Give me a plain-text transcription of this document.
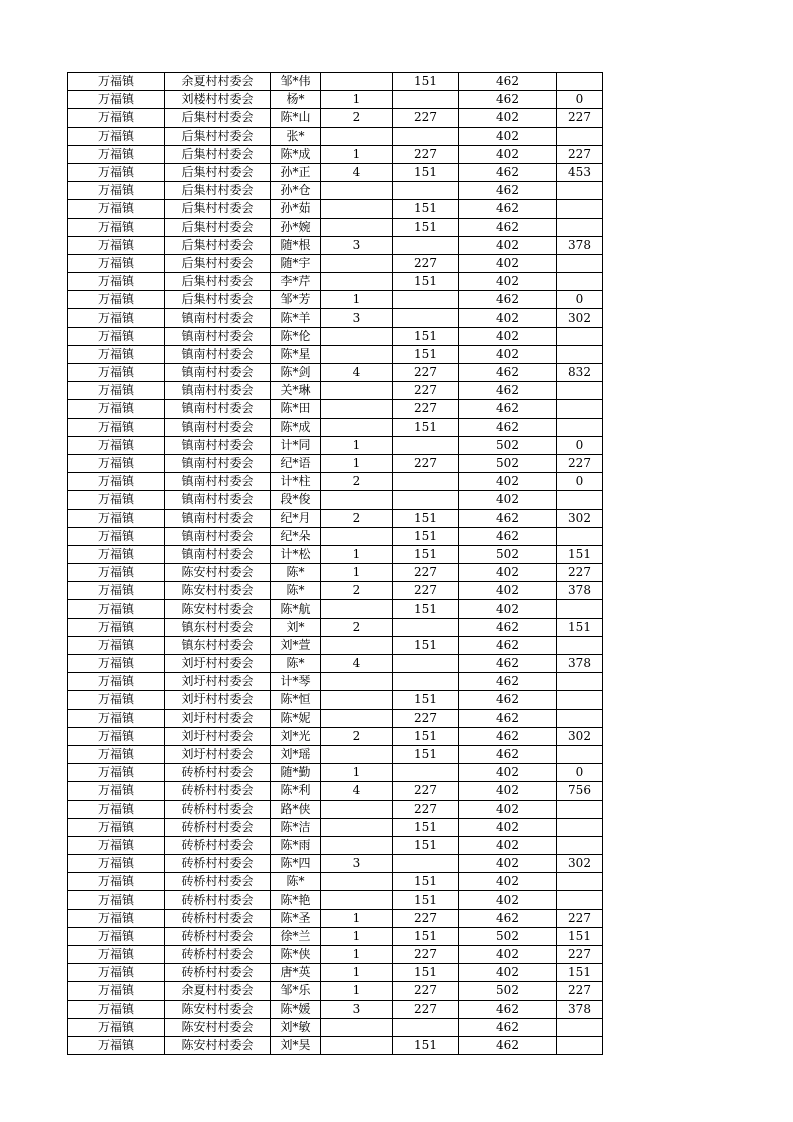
万福镇	余夏村村委会	邹*伟		151	462	
万福镇	刘楼村村委会	杨*	1		462	0
万福镇	后集村村委会	陈*山	2	227	402	227
万福镇	后集村村委会	张*			402	
万福镇	后集村村委会	陈*成	1	227	402	227
万福镇	后集村村委会	孙*正	4	151	462	453
万福镇	后集村村委会	孙*仓			462	
万福镇	后集村村委会	孙*茹		151	462	
万福镇	后集村村委会	孙*婉		151	462	
万福镇	后集村村委会	随*根	3		402	378
万福镇	后集村村委会	随*宇		227	402	
万福镇	后集村村委会	李*芹		151	402	
万福镇	后集村村委会	邹*芳	1		462	0
万福镇	镇南村村委会	陈*羊	3		402	302
万福镇	镇南村村委会	陈*伦		151	402	
万福镇	镇南村村委会	陈*星		151	402	
万福镇	镇南村村委会	陈*剑	4	227	462	832
万福镇	镇南村村委会	关*琳		227	462	
万福镇	镇南村村委会	陈*田		227	462	
万福镇	镇南村村委会	陈*成		151	462	
万福镇	镇南村村委会	计*同	1		502	0
万福镇	镇南村村委会	纪*语	1	227	502	227
万福镇	镇南村村委会	计*柱	2		402	0
万福镇	镇南村村委会	段*俊			402	
万福镇	镇南村村委会	纪*月	2	151	462	302
万福镇	镇南村村委会	纪*朵		151	462	
万福镇	镇南村村委会	计*松	1	151	502	151
万福镇	陈安村村委会	陈*	1	227	402	227
万福镇	陈安村村委会	陈*	2	227	402	378
万福镇	陈安村村委会	陈*航		151	402	
万福镇	镇东村村委会	刘*	2		462	151
万福镇	镇东村村委会	刘*萱		151	462	
万福镇	刘圩村村委会	陈*	4		462	378
万福镇	刘圩村村委会	计*琴			462	
万福镇	刘圩村村委会	陈*恒		151	462	
万福镇	刘圩村村委会	陈*妮		227	462	
万福镇	刘圩村村委会	刘*光	2	151	462	302
万福镇	刘圩村村委会	刘*瑶		151	462	
万福镇	砖桥村村委会	随*勤	1		402	0
万福镇	砖桥村村委会	陈*利	4	227	402	756
万福镇	砖桥村村委会	路*侠		227	402	
万福镇	砖桥村村委会	陈*洁		151	402	
万福镇	砖桥村村委会	陈*雨		151	402	
万福镇	砖桥村村委会	陈*四	3		402	302
万福镇	砖桥村村委会	陈*		151	402	
万福镇	砖桥村村委会	陈*艳		151	402	
万福镇	砖桥村村委会	陈*圣	1	227	462	227
万福镇	砖桥村村委会	徐*兰	1	151	502	151
万福镇	砖桥村村委会	陈*侠	1	227	402	227
万福镇	砖桥村村委会	唐*英	1	151	402	151
万福镇	余夏村村委会	邹*乐	1	227	502	227
万福镇	陈安村村委会	陈*媛	3	227	462	378
万福镇	陈安村村委会	刘*敏			462	
万福镇	陈安村村委会	刘*昊		151	462	
